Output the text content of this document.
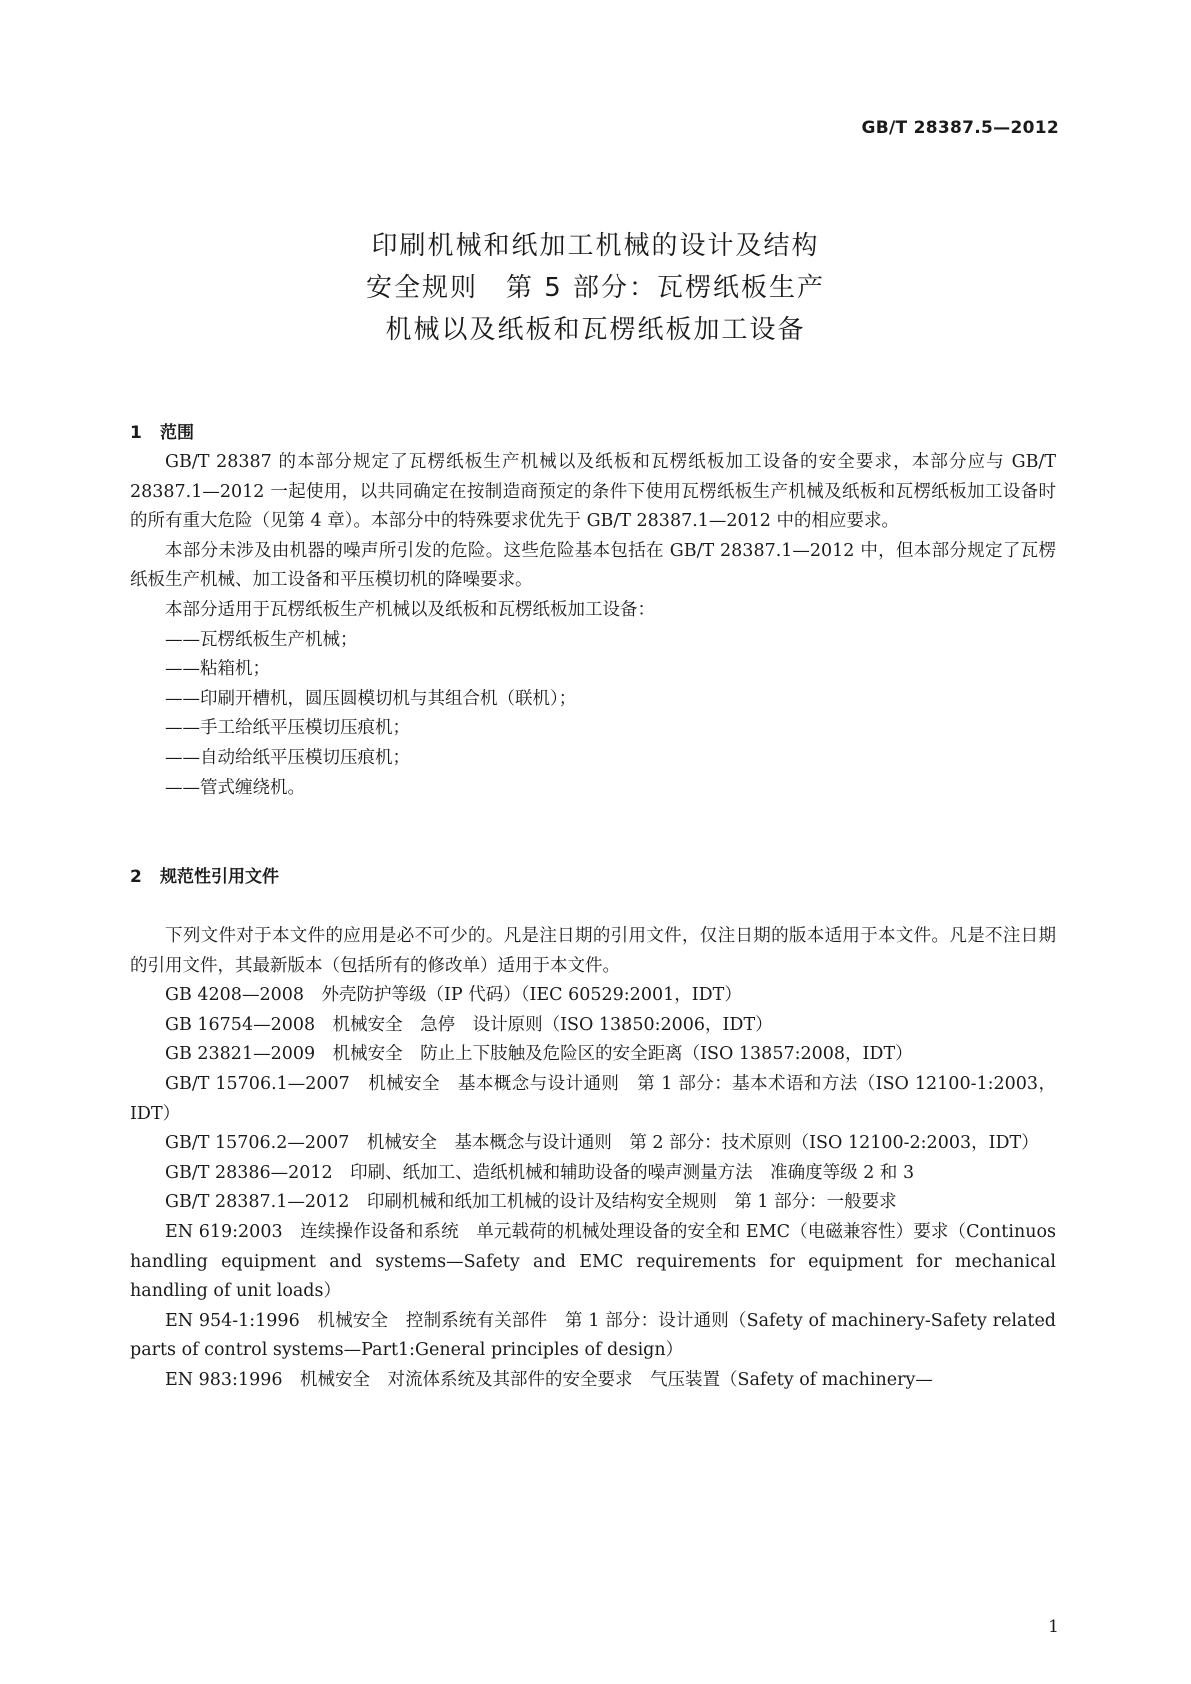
GB/T 28387.5—2012
印刷机械和纸加工机械的设计及结构
安全规则　第 5 部分：瓦楞纸板生产
机械以及纸板和瓦楞纸板加工设备
1 范围

GB/T 28387 的本部分规定了瓦楞纸板生产机械以及纸板和瓦楞纸板加工设备的安全要求，本部分应与 GB/T 28387.1—2012 一起使用，以共同确定在按制造商预定的条件下使用瓦楞纸板生产机械及纸板和瓦楞纸板加工设备时的所有重大危险（见第 4 章）。本部分中的特殊要求优先于 GB/T 28387.1—2012 中的相应要求。

本部分未涉及由机器的噪声所引发的危险。这些危险基本包括在 GB/T 28387.1—2012 中，但本部分规定了瓦楞纸板生产机械、加工设备和平压模切机的降噪要求。

本部分适用于瓦楞纸板生产机械以及纸板和瓦楞纸板加工设备：

——瓦楞纸板生产机械；

——粘箱机；

——印刷开槽机，圆压圆模切机与其组合机（联机）；

——手工给纸平压模切压痕机；

——自动给纸平压模切压痕机；

——管式缠绕机。

2 规范性引用文件

下列文件对于本文件的应用是必不可少的。凡是注日期的引用文件，仅注日期的版本适用于本文件。凡是不注日期的引用文件，其最新版本（包括所有的修改单）适用于本文件。

GB 4208—2008　外壳防护等级（IP 代码）（IEC 60529:2001，IDT）

GB 16754—2008　机械安全　急停　设计原则（ISO 13850:2006，IDT）

GB 23821—2009　机械安全　防止上下肢触及危险区的安全距离（ISO 13857:2008，IDT）

GB/T 15706.1—2007　机械安全　基本概念与设计通则　第 1 部分：基本术语和方法（ISO 12100-1:2003，IDT）

GB/T 15706.2—2007　机械安全　基本概念与设计通则　第 2 部分：技术原则（ISO 12100-2:2003，IDT）

GB/T 28386—2012　印刷、纸加工、造纸机械和辅助设备的噪声测量方法　准确度等级 2 和 3

GB/T 28387.1—2012　印刷机械和纸加工机械的设计及结构安全规则　第 1 部分：一般要求

EN 619:2003　连续操作设备和系统　单元载荷的机械处理设备的安全和 EMC（电磁兼容性）要求（Continuos handling equipment and systems—Safety and EMC requirements for equipment for mechanical handling of unit loads）

EN 954-1:1996　机械安全　控制系统有关部件　第 1 部分：设计通则（Safety of machinery-Safety related parts of control systems—Part1:General principles of design）

EN 983:1996　机械安全　对流体系统及其部件的安全要求　气压装置（Safety of machinery—

1
